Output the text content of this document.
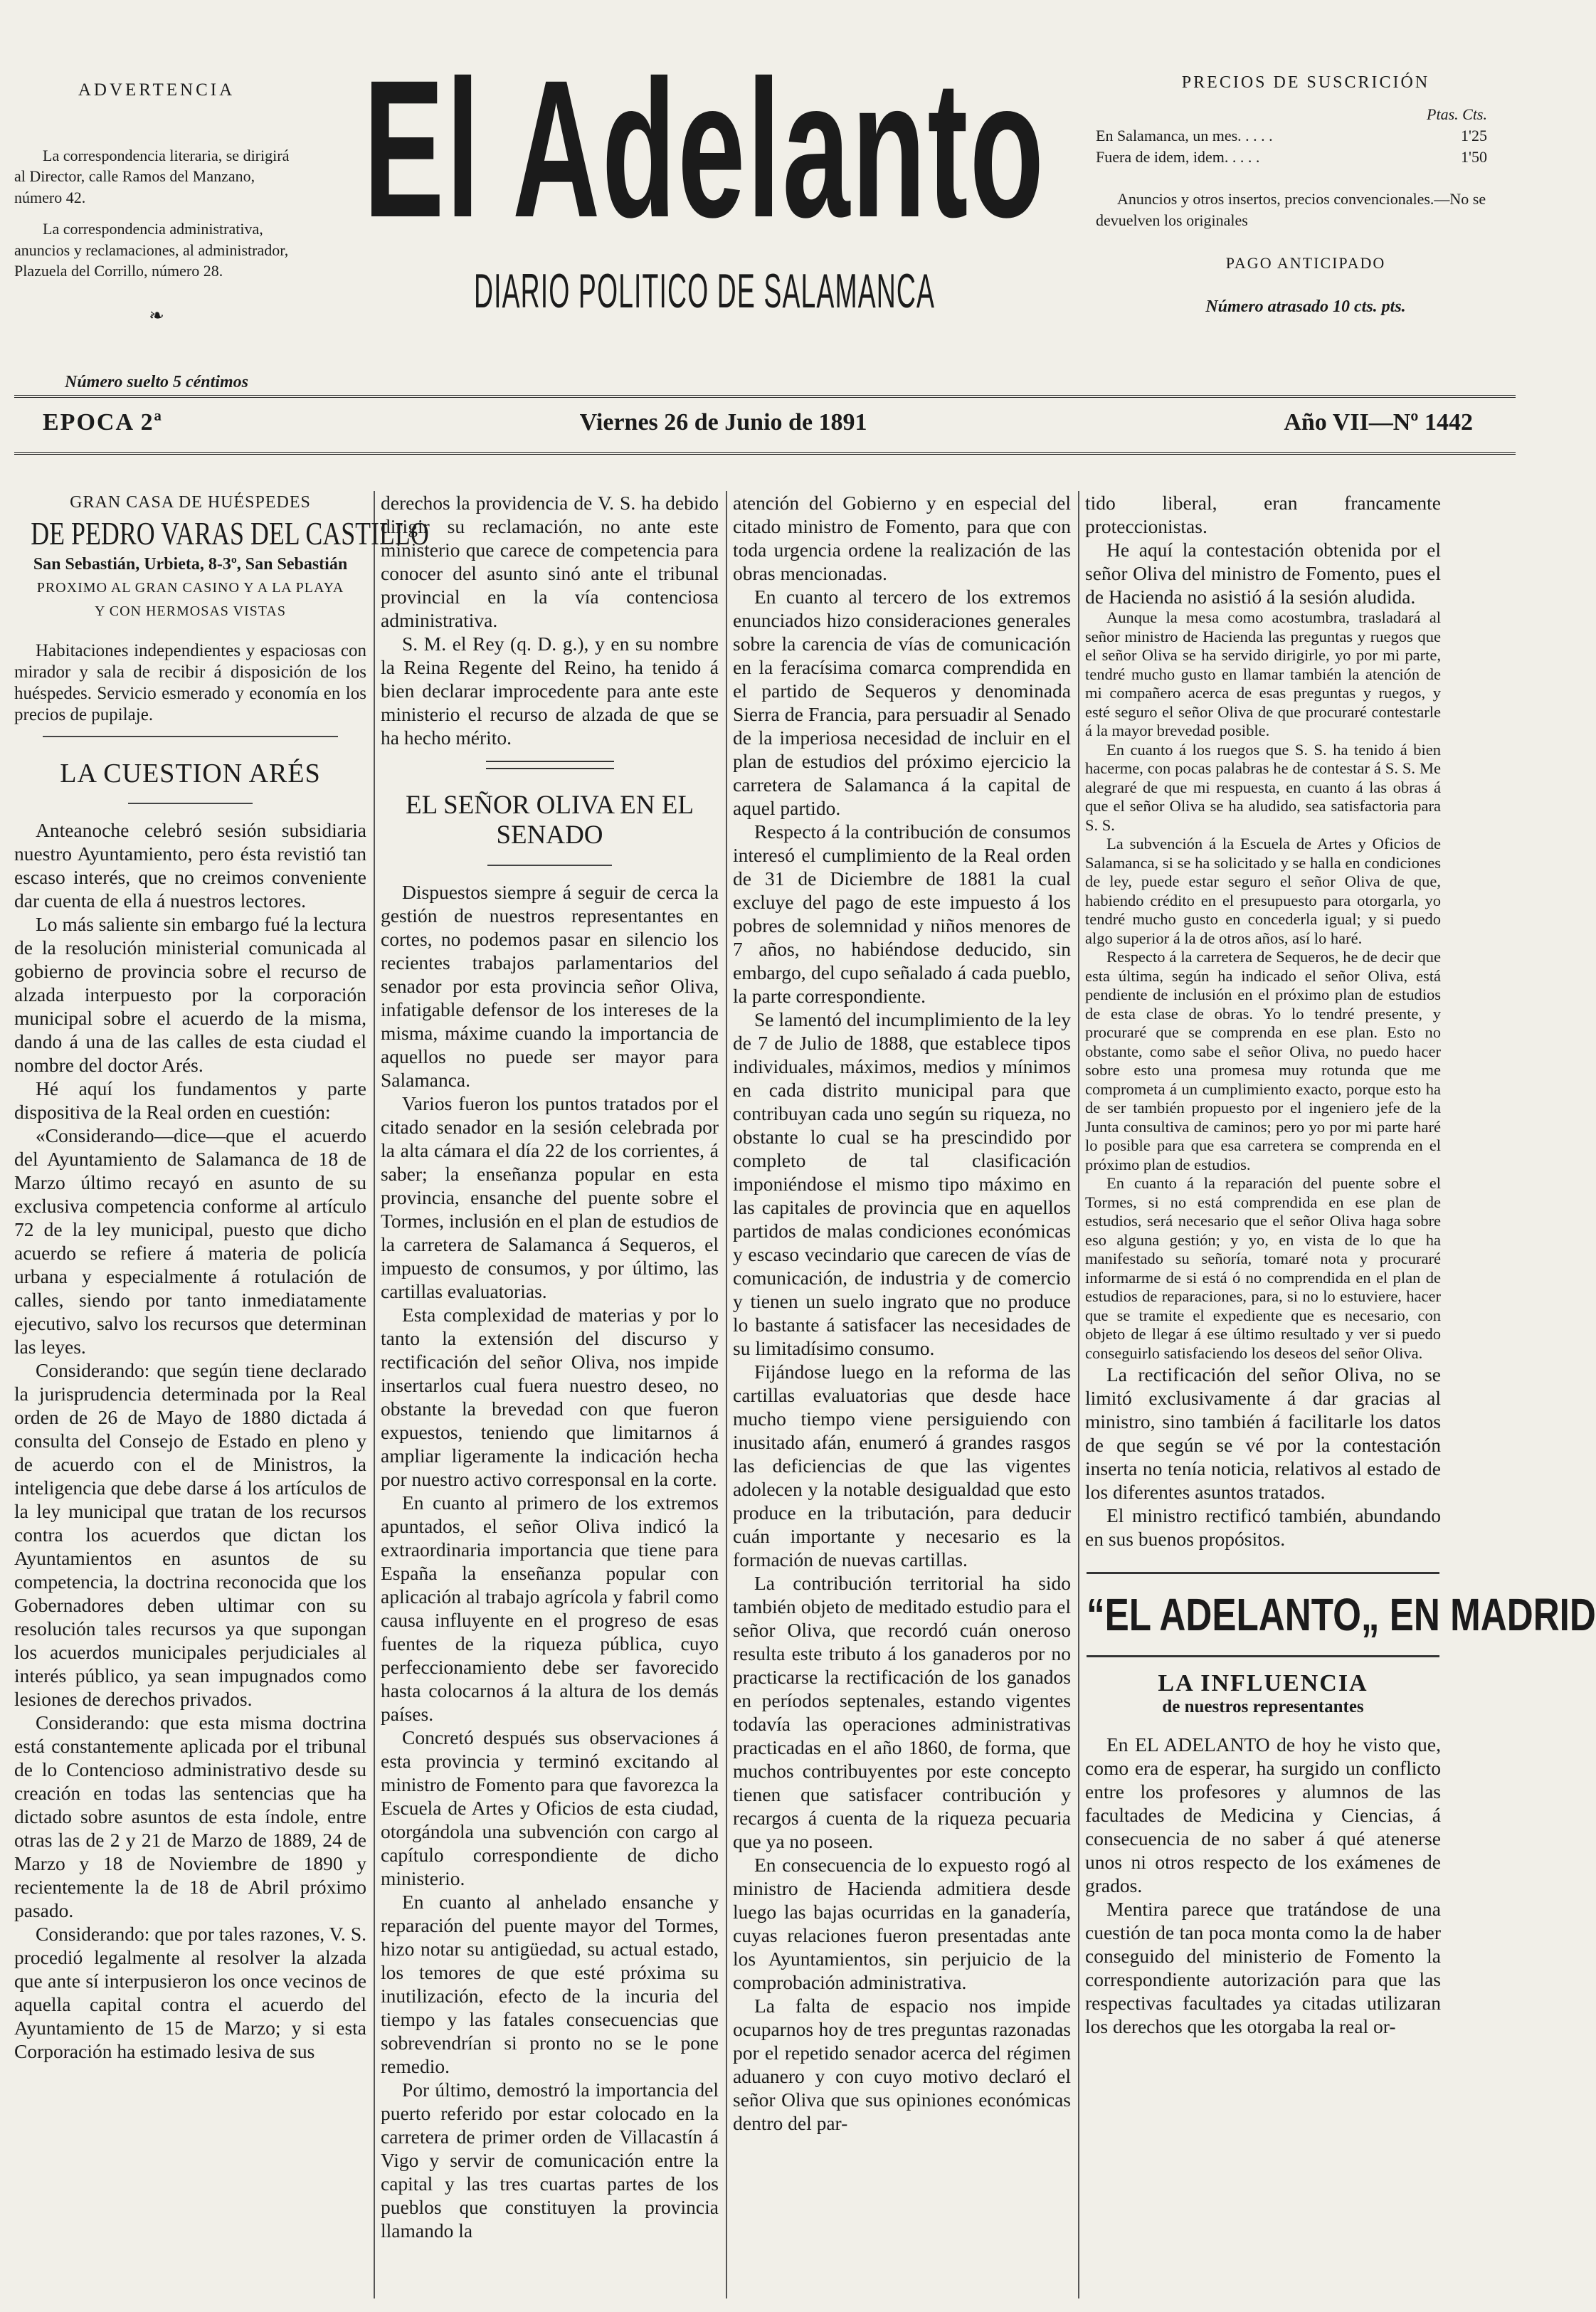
ADVERTENCIA

La correspondencia literaria, se dirigirá al Director, calle Ramos del Manzano, número 42.

La correspondencia administrativa, anuncios y reclamaciones, al administrador, Plazuela del Corrillo, número 28.

❧
Número suelto 5 céntimos
El Adelanto
DIARIO POLITICO DE SALAMANCA
PRECIOS DE SUSCRICIÓN
Ptas. Cts.
En Salamanca, un mes. . . . .	1'25
Fuera de idem, idem. . . . .	1'50

Anuncios y otros insertos, precios convencionales.—No se devuelven los originales

PAGO ANTICIPADO
Número atrasado 10 cts. pts.
EPOCA 2ª	Viernes 26 de Junio de 1891	Año VII—Nº 1442
GRAN CASA DE HUÉSPEDES
DE PEDRO VARAS DEL CASTILLO
San Sebastián, Urbieta, 8-3º, San Sebastián
PROXIMO AL GRAN CASINO Y A LA PLAYA
Y CON HERMOSAS VISTAS

Habitaciones independientes y espaciosas con mirador y sala de recibir á disposición de los huéspedes. Servicio esmerado y economía en los precios de pupilaje.

LA CUESTION ARÉS

Anteanoche celebró sesión subsidiaria nuestro Ayuntamiento, pero ésta revistió tan escaso interés, que no creimos conveniente dar cuenta de ella á nuestros lectores.

Lo más saliente sin embargo fué la lectura de la resolución ministerial comunicada al gobierno de provincia sobre el recurso de alzada interpuesto por la corporación municipal sobre el acuerdo de la misma, dando á una de las calles de esta ciudad el nombre del doctor Arés.

Hé aquí los fundamentos y parte dispositiva de la Real orden en cuestión:

«Considerando—dice—que el acuerdo del Ayuntamiento de Salamanca de 18 de Marzo último recayó en asunto de su exclusiva competencia conforme al artículo 72 de la ley municipal, puesto que dicho acuerdo se refiere á materia de policía urbana y especialmente á rotulación de calles, siendo por tanto inmediatamente ejecutivo, salvo los recursos que determinan las leyes.

Considerando: que según tiene declarado la jurisprudencia determinada por la Real orden de 26 de Mayo de 1880 dictada á consulta del Consejo de Estado en pleno y de acuerdo con el de Ministros, la inteligencia que debe darse á los artículos de la ley municipal que tratan de los recursos contra los acuerdos que dictan los Ayuntamientos en asuntos de su competencia, la doctrina reconocida que los Gobernadores deben ultimar con su resolución tales recursos ya que supongan los acuerdos municipales perjudiciales al interés público, ya sean impugnados como lesiones de derechos privados.

Considerando: que esta misma doctrina está constantemente aplicada por el tribunal de lo Contencioso administrativo desde su creación en todas las sentencias que ha dictado sobre asuntos de esta índole, entre otras las de 2 y 21 de Marzo de 1889, 24 de Marzo y 18 de Noviembre de 1890 y recientemente la de 18 de Abril próximo pasado.

Considerando: que por tales razones, V. S. procedió legalmente al resolver la alzada que ante sí interpusieron los once vecinos de aquella capital contra el acuerdo del Ayuntamiento de 15 de Marzo; y si esta Corporación ha estimado lesiva de sus

derechos la providencia de V. S. ha debido dirigir su reclamación, no ante este ministerio que carece de competencia para conocer del asunto sinó ante el tribunal provincial en la vía contenciosa administrativa.

S. M. el Rey (q. D. g.), y en su nombre la Reina Regente del Reino, ha tenido á bien declarar improcedente para ante este ministerio el recurso de alzada de que se ha hecho mérito.

EL SEÑOR OLIVA EN EL SENADO

Dispuestos siempre á seguir de cerca la gestión de nuestros representantes en cortes, no podemos pasar en silencio los recientes trabajos parlamentarios del senador por esta provincia señor Oliva, infatigable defensor de los intereses de la misma, máxime cuando la importancia de aquellos no puede ser mayor para Salamanca.

Varios fueron los puntos tratados por el citado senador en la sesión celebrada por la alta cámara el día 22 de los corrientes, á saber; la enseñanza popular en esta provincia, ensanche del puente sobre el Tormes, inclusión en el plan de estudios de la carretera de Salamanca á Sequeros, el impuesto de consumos, y por último, las cartillas evaluatorias.

Esta complexidad de materias y por lo tanto la extensión del discurso y rectificación del señor Oliva, nos impide insertarlos cual fuera nuestro deseo, no obstante la brevedad con que fueron expuestos, teniendo que limitarnos á ampliar ligeramente la indicación hecha por nuestro activo corresponsal en la corte.

En cuanto al primero de los extremos apuntados, el señor Oliva indicó la extraordinaria importancia que tiene para España la enseñanza popular con aplicación al trabajo agrícola y fabril como causa influyente en el progreso de esas fuentes de la riqueza pública, cuyo perfeccionamiento debe ser favorecido hasta colocarnos á la altura de los demás países.

Concretó después sus observaciones á esta provincia y terminó excitando al ministro de Fomento para que favorezca la Escuela de Artes y Oficios de esta ciudad, otorgándola una subvención con cargo al capítulo correspondiente de dicho ministerio.

En cuanto al anhelado ensanche y reparación del puente mayor del Tormes, hizo notar su antigüedad, su actual estado, los temores de que esté próxima su inutilización, efecto de la incuria del tiempo y las fatales consecuencias que sobrevendrían si pronto no se le pone remedio.

Por último, demostró la importancia del puerto referido por estar colocado en la carretera de primer orden de Villacastín á Vigo y servir de comunicación entre la capital y las tres cuartas partes de los pueblos que constituyen la provincia llamando la

atención del Gobierno y en especial del citado ministro de Fomento, para que con toda urgencia ordene la realización de las obras mencionadas.

En cuanto al tercero de los extremos enunciados hizo consideraciones generales sobre la carencia de vías de comunicación en la feracísima comarca comprendida en el partido de Sequeros y denominada Sierra de Francia, para persuadir al Senado de la imperiosa necesidad de incluir en el plan de estudios del próximo ejercicio la carretera de Salamanca á la capital de aquel partido.

Respecto á la contribución de consumos interesó el cumplimiento de la Real orden de 31 de Diciembre de 1881 la cual excluye del pago de este impuesto á los pobres de solemnidad y niños menores de 7 años, no habiéndose deducido, sin embargo, del cupo señalado á cada pueblo, la parte correspondiente.

Se lamentó del incumplimiento de la ley de 7 de Julio de 1888, que establece tipos individuales, máximos, medios y mínimos en cada distrito municipal para que contribuyan cada uno según su riqueza, no obstante lo cual se ha prescindido por completo de tal clasificación imponiéndose el mismo tipo máximo en las capitales de provincia que en aquellos partidos de malas condiciones económicas y escaso vecindario que carecen de vías de comunicación, de industria y de comercio y tienen un suelo ingrato que no produce lo bastante á satisfacer las necesidades de su limitadísimo consumo.

Fijándose luego en la reforma de las cartillas evaluatorias que desde hace mucho tiempo viene persiguiendo con inusitado afán, enumeró á grandes rasgos las deficiencias de que las vigentes adolecen y la notable desigualdad que esto produce en la tributación, para deducir cuán importante y necesario es la formación de nuevas cartillas.

La contribución territorial ha sido también objeto de meditado estudio para el señor Oliva, que recordó cuán oneroso resulta este tributo á los ganaderos por no practicarse la rectificación de los ganados en períodos septenales, estando vigentes todavía las operaciones administrativas practicadas en el año 1860, de forma, que muchos contribuyentes por este concepto tienen que satisfacer contribución y recargos á cuenta de la riqueza pecuaria que ya no poseen.

En consecuencia de lo expuesto rogó al ministro de Hacienda admitiera desde luego las bajas ocurridas en la ganadería, cuyas relaciones fueron presentadas ante los Ayuntamientos, sin perjuicio de la comprobación administrativa.

La falta de espacio nos impide ocuparnos hoy de tres preguntas razonadas por el repetido senador acerca del régimen aduanero y con cuyo motivo declaró el señor Oliva que sus opiniones económicas dentro del par-

tido liberal, eran francamente proteccionistas.

He aquí la contestación obtenida por el señor Oliva del ministro de Fomento, pues el de Hacienda no asistió á la sesión aludida.

Aunque la mesa como acostumbra, trasladará al señor ministro de Hacienda las preguntas y ruegos que el señor Oliva se ha servido dirigirle, yo por mi parte, tendré mucho gusto en llamar también la atención de mi compañero acerca de esas preguntas y ruegos, y esté seguro el señor Oliva de que procuraré contestarle á la mayor brevedad posible.

En cuanto á los ruegos que S. S. ha tenido á bien hacerme, con pocas palabras he de contestar á S. S. Me alegraré de que mi respuesta, en cuanto á las obras á que el señor Oliva se ha aludido, sea satisfactoria para S. S.

La subvención á la Escuela de Artes y Oficios de Salamanca, si se ha solicitado y se halla en condiciones de ley, puede estar seguro el señor Oliva de que, habiendo crédito en el presupuesto para otorgarla, yo tendré mucho gusto en concederla igual; y si puedo algo superior á la de otros años, así lo haré.

Respecto á la carretera de Sequeros, he de decir que esta última, según ha indicado el señor Oliva, está pendiente de inclusión en el próximo plan de estudios de esta clase de obras. Yo lo tendré presente, y procuraré que se comprenda en ese plan. Esto no obstante, como sabe el señor Oliva, no puedo hacer sobre esto una promesa muy rotunda que me comprometa á un cumplimiento exacto, porque esto ha de ser también propuesto por el ingeniero jefe de la Junta consultiva de caminos; pero yo por mi parte haré lo posible para que esa carretera se comprenda en el próximo plan de estudios.

En cuanto á la reparación del puente sobre el Tormes, si no está comprendida en ese plan de estudios, será necesario que el señor Oliva haga sobre eso alguna gestión; y yo, en vista de lo que ha manifestado su señoría, tomaré nota y procuraré informarme de si está ó no comprendida en el plan de estudios de reparaciones, para, si no lo estuviere, hacer que se tramite el expediente que es necesario, con objeto de llegar á ese último resultado y ver si puedo conseguirlo satisfaciendo los deseos del señor Oliva.

La rectificación del señor Oliva, no se limitó exclusivamente á dar gracias al ministro, sino también á facilitarle los datos de que según se vé por la contestación inserta no tenía noticia, relativos al estado de los diferentes asuntos tratados.

El ministro rectificó también, abundando en sus buenos propósitos.

“EL ADELANTO„ EN MADRID
LA INFLUENCIA
de nuestros representantes

En EL ADELANTO de hoy he visto que, como era de esperar, ha surgido un conflicto entre los profesores y alumnos de las facultades de Medicina y Ciencias, á consecuencia de no saber á qué atenerse unos ni otros respecto de los exámenes de grados.

Mentira parece que tratándose de una cuestión de tan poca monta como la de haber conseguido del ministerio de Fomento la correspondiente autorización para que las respectivas facultades ya citadas utilizaran los derechos que les otorgaba la real or-
